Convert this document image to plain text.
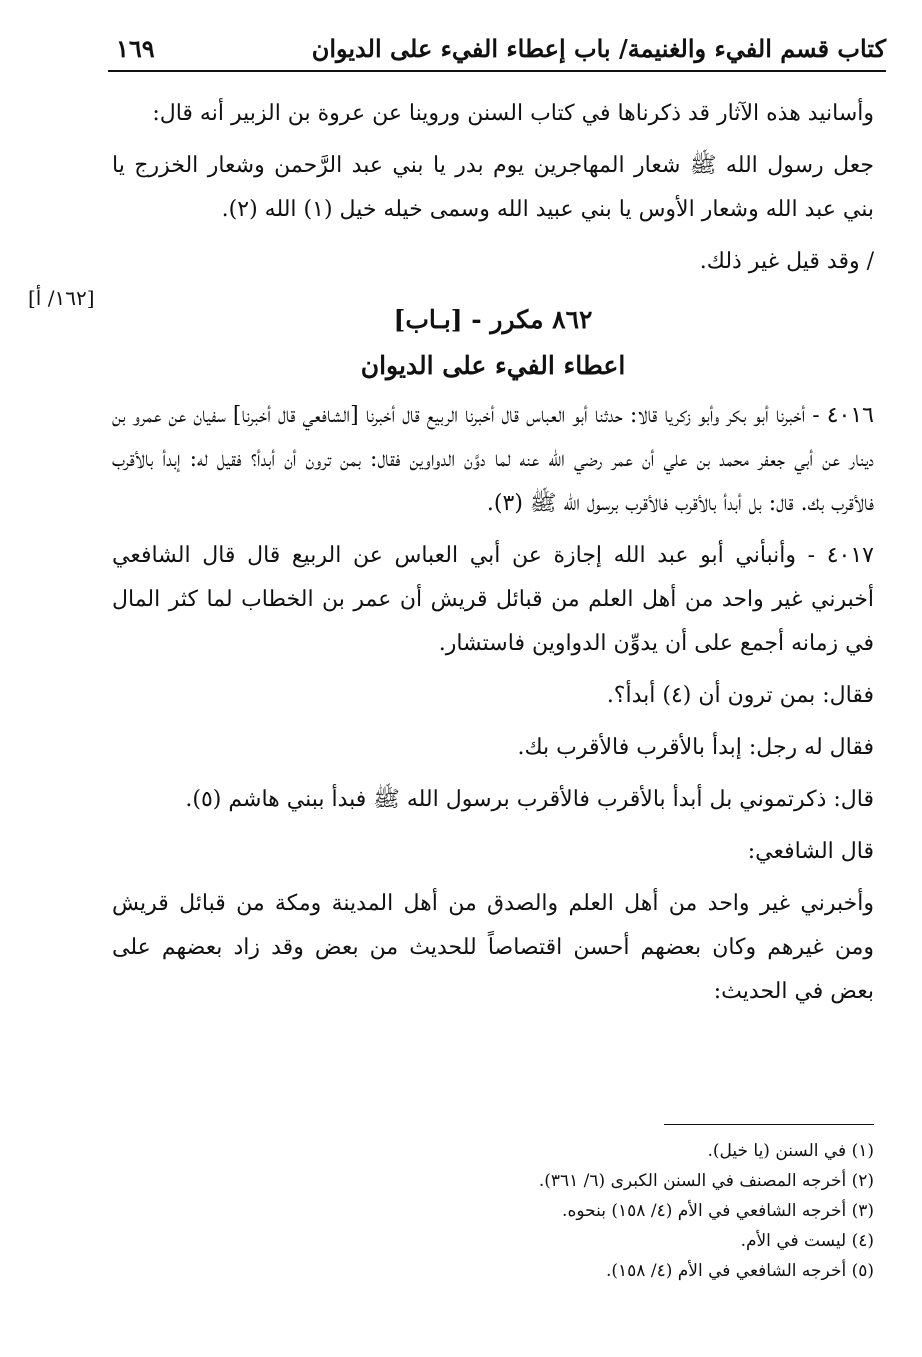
كتاب قسم الفيء والغنيمة/ باب إعطاء الفيء على الديوان
١٦٩
[١٦٢/ أ]

وأسانيد هذه الآثار قد ذكرناها في كتاب السنن وروينا عن عروة بن الزبير أنه قال:

جعل رسول الله ﷺ شعار المهاجرين يوم بدر يا بني عبد الرَّحمن وشعار الخزرج يا بني عبد الله وشعار الأوس يا بني عبيد الله وسمى خيله خيل (١) الله (٢).

/ وقد قيل غير ذلك.

٨٦٢ مكرر - [بـاب]
اعطاء الفيء على الديوان

٤٠١٦ - أخبرنا أبو بكر وأبو زكريا قالا: حدثنا أبو العباس قال أخبرنا الربيع قال أخبرنا [الشافعي قال أخبرنا] سفيان عن عمرو بن دينار عن أبي جعفر محمد بن علي أن عمر رضي الله عنه لما دوَّن الدواوين فقال: بمن ترون أن أبدأ؟ فقيل له: إبدأ بالأقرب فالأقرب بك. قال: بل أبدأ بالأقرب فالأقرب برسول الله ﷺ (٣).

٤٠١٧ - وأنبأني أبو عبد الله إجازة عن أبي العباس عن الربيع قال قال الشافعي أخبرني غير واحد من أهل العلم من قبائل قريش أن عمر بن الخطاب لما كثر المال في زمانه أجمع على أن يدوِّن الدواوين فاستشار.

فقال: بمن ترون أن (٤) أبدأ؟.

فقال له رجل: إبدأ بالأقرب فالأقرب بك.

قال: ذكرتموني بل أبدأ بالأقرب فالأقرب برسول الله ﷺ فبدأ ببني هاشم (٥).

قال الشافعي:

وأخبرني غير واحد من أهل العلم والصدق من أهل المدينة ومكة من قبائل قريش ومن غيرهم وكان بعضهم أحسن اقتصاصاً للحديث من بعض وقد زاد بعضهم على بعض في الحديث:

(١) في السنن (يا خيل).

(٢) أخرجه المصنف في السنن الكبرى (٦/ ٣٦١).

(٣) أخرجه الشافعي في الأم (٤/ ١٥٨) بنحوه.

(٤) ليست في الأم.

(٥) أخرجه الشافعي في الأم (٤/ ١٥٨).
